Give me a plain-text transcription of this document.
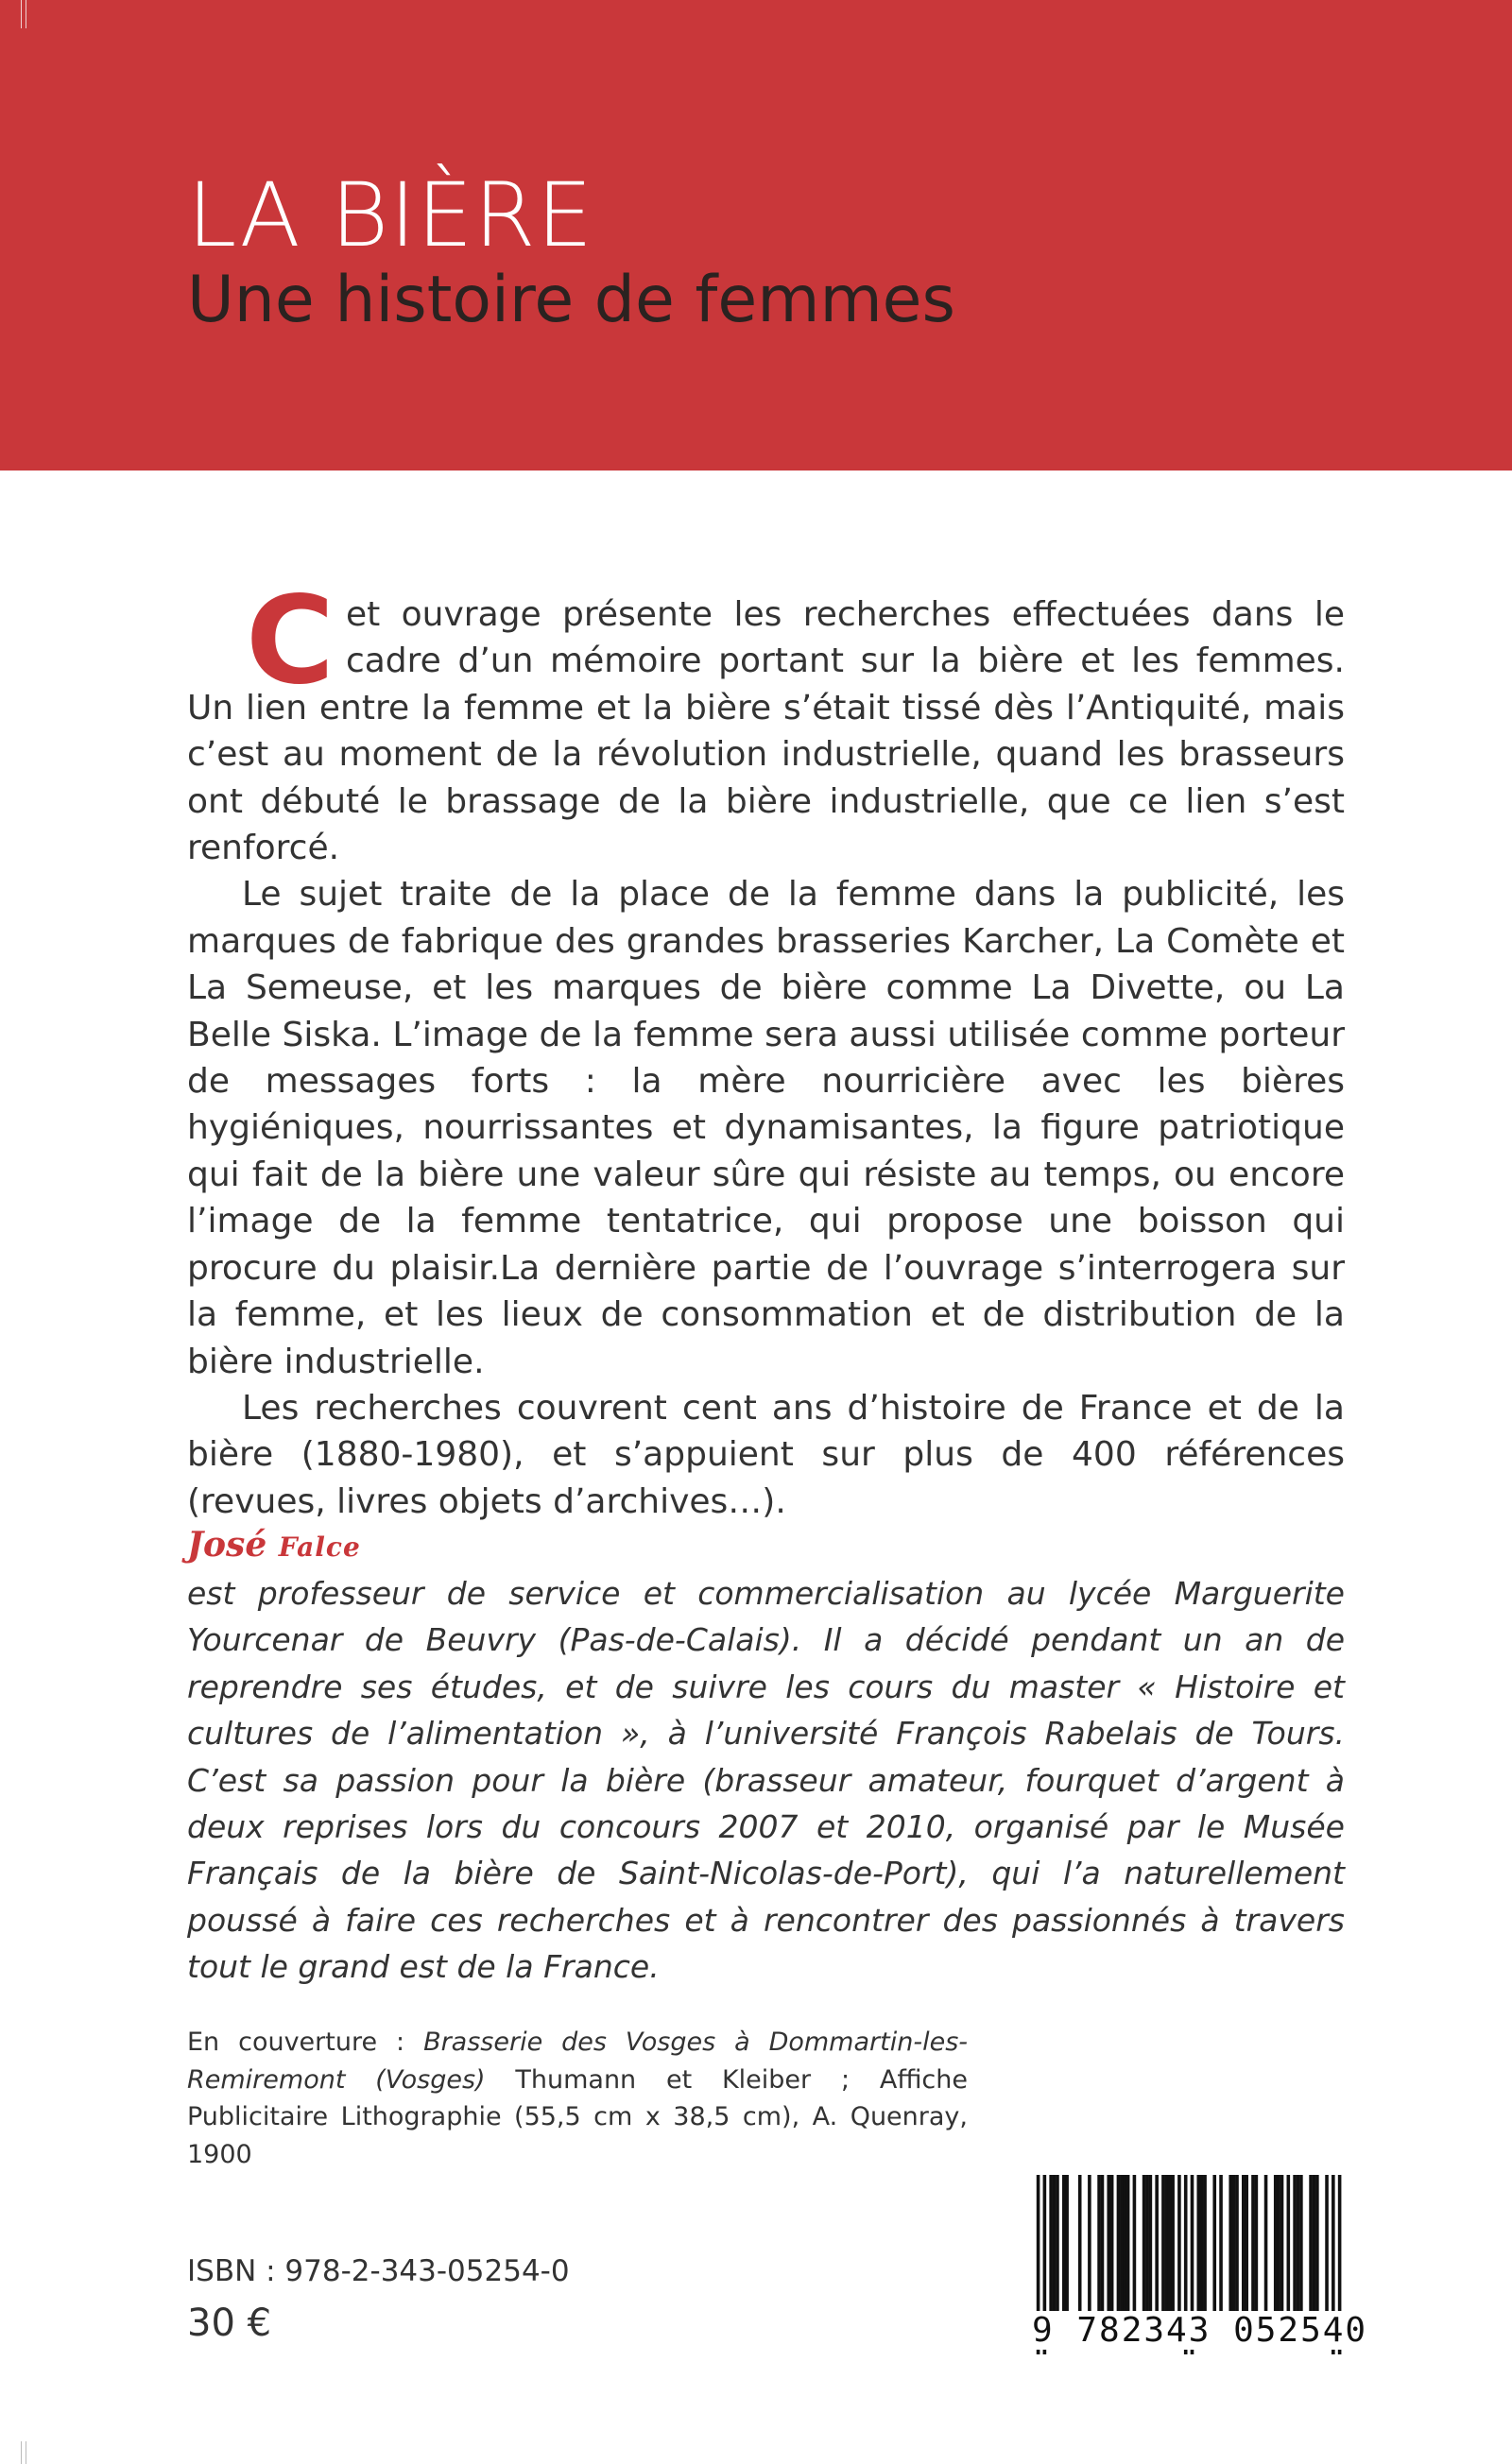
LA BIÈRE
Une histoire de femmes

Cet ouvrage présente les recherches effectuées dans le cadre d’un mémoire portant sur la bière et les femmes. Un lien entre la femme et la bière s’était tissé dès l’Antiquité, mais c’est au moment de la révolution industrielle, quand les brasseurs ont débuté le brassage de la bière industrielle, que ce lien s’est renforcé.

Le sujet traite de la place de la femme dans la publicité, les marques de fabrique des grandes brasseries Karcher, La Comète et La Semeuse, et les marques de bière comme La Divette, ou La Belle Siska. L’image de la femme sera aussi utilisée comme porteur de messages forts : la mère nourricière avec les bières hygiéniques, nourrissantes et dynamisantes, la figure patriotique qui fait de la bière une valeur sûre qui résiste au temps, ou encore l’image de la femme tentatrice, qui propose une boisson qui procure du plaisir.La dernière partie de l’ouvrage s’interrogera sur la femme, et les lieux de consommation et de distribution de la bière industrielle.

Les recherches couvrent cent ans d’histoire de France et de la bière (1880-1980), et s’appuient sur plus de 400 références (revues, livres objets d’archives…).

José Falce
est professeur de service et commercialisation au lycée Marguerite Yourcenar de Beuvry (Pas-de-Calais). Il a décidé pendant un an de reprendre ses études, et de suivre les cours du master « Histoire et cultures de l’alimentation », à l’université François Rabelais de Tours. C’est sa passion pour la bière (brasseur amateur, fourquet d’argent à deux reprises lors du concours 2007 et 2010, organisé par le Musée Français de la bière de Saint-Nicolas-de-Port), qui l’a naturellement poussé à faire ces recherches et à rencontrer des passionnés à travers tout le grand est de la France.
En couverture : Brasserie des Vosges à Dommartin-les-Remiremont (Vosges) Thumann et Kleiber ; Affiche Publicitaire Lithographie (55,5 cm x 38,5 cm), A. Quenray, 1900
ISBN : 978-2-343-05254-0
30 €	9 782343 052540
